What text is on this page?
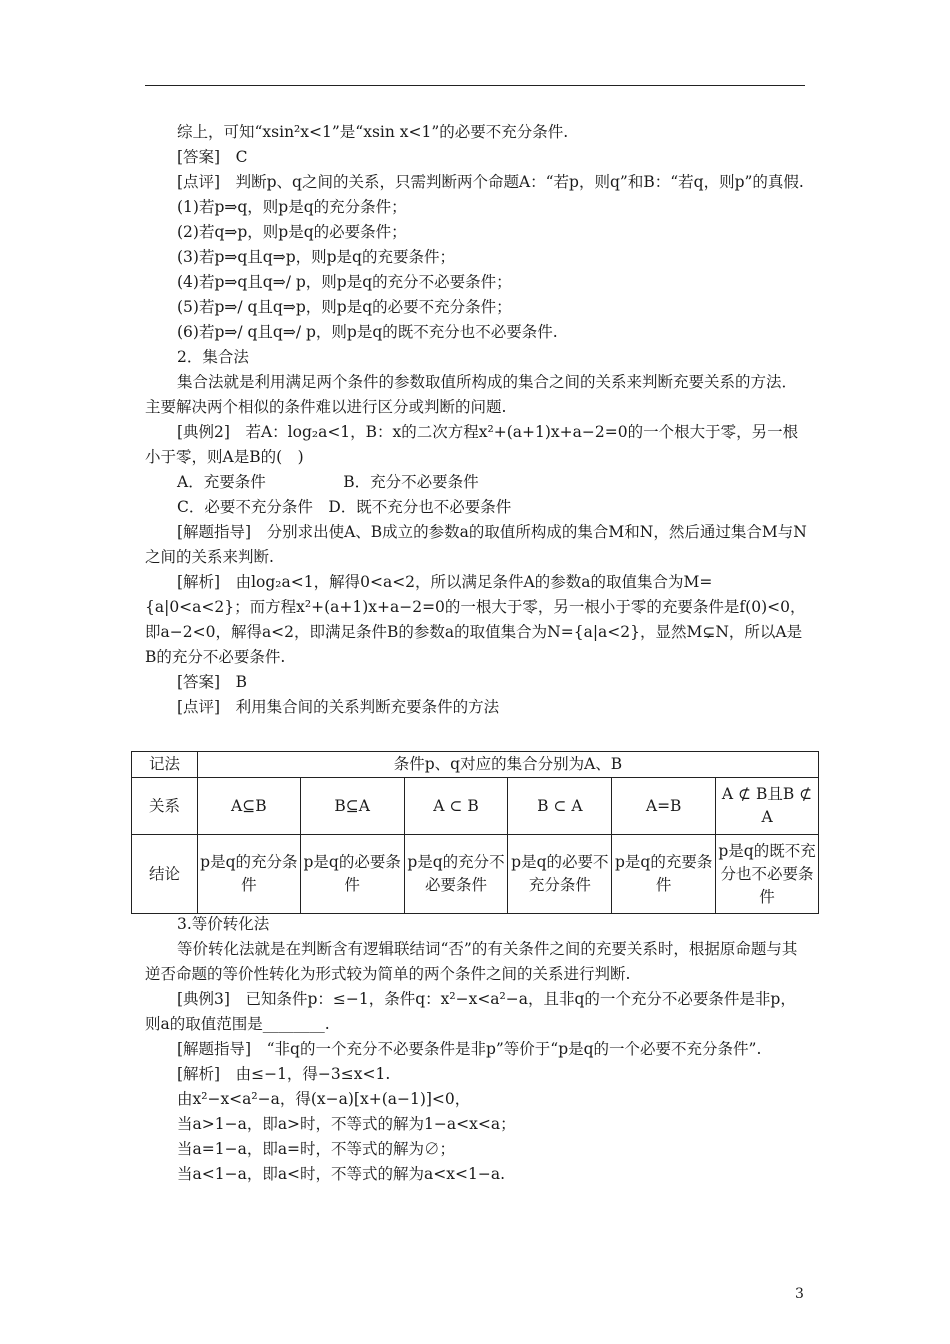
综上，可知“xsin²x<1”是“xsin x<1”的必要不充分条件.

[答案]　C

[点评]　判断p、q之间的关系，只需判断两个命题A：“若p，则q”和B：“若q，则p”的真假.

(1)若p⇒q，则p是q的充分条件；

(2)若q⇒p，则p是q的必要条件；

(3)若p⇒q且q⇒p，则p是q的充要条件；

(4)若p⇒q且q⇒/ p，则p是q的充分不必要条件；

(5)若p⇒/ q且q⇒p，则p是q的必要不充分条件；

(6)若p⇒/ q且q⇒/ p，则p是q的既不充分也不必要条件.

2．集合法

集合法就是利用满足两个条件的参数取值所构成的集合之间的关系来判断充要关系的方法．主要解决两个相似的条件难以进行区分或判断的问题.

[典例2]　若A：log₂a<1，B：x的二次方程x²+(a+1)x+a−2=0的一个根大于零，另一根小于零，则A是B的(　)

A．充要条件　　　　　B．充分不必要条件

C．必要不充分条件　D．既不充分也不必要条件

[解题指导]　分别求出使A、B成立的参数a的取值所构成的集合M和N，然后通过集合M与N之间的关系来判断.

[解析]　由log₂a<1，解得0<a<2，所以满足条件A的参数a的取值集合为M={a|0<a<2}；而方程x²+(a+1)x+a−2=0的一根大于零，另一根小于零的充要条件是f(0)<0，即a−2<0，解得a<2，即满足条件B的参数a的取值集合为N={a|a<2}，显然M⊊N，所以A是B的充分不必要条件.

[答案]　B

[点评]　利用集合间的关系判断充要条件的方法

记法	条件p、q对应的集合分别为A、B					
关系	A⊆B	B⊆A	A ⊂ B	B ⊂ A	A=B	A ⊄ B且B ⊄ A
结论	p是q的充分条件	p是q的必要条件	p是q的充分不必要条件	p是q的必要不充分条件	p是q的充要条件	p是q的既不充分也不必要条件

3.等价转化法

等价转化法就是在判断含有逻辑联结词“否”的有关条件之间的充要关系时，根据原命题与其逆否命题的等价性转化为形式较为简单的两个条件之间的关系进行判断.

[典例3]　已知条件p：≤−1，条件q：x²−x<a²−a，且非q的一个充分不必要条件是非p，则a的取值范围是________.

[解题指导]　“非q的一个充分不必要条件是非p”等价于“p是q的一个必要不充分条件”.

[解析]　由≤−1，得−3≤x<1.

由x²−x<a²−a，得(x−a)[x+(a−1)]<0，

当a>1−a，即a>时，不等式的解为1−a<x<a；

当a=1−a，即a=时，不等式的解为∅；

当a<1−a，即a<时，不等式的解为a<x<1−a.

3
